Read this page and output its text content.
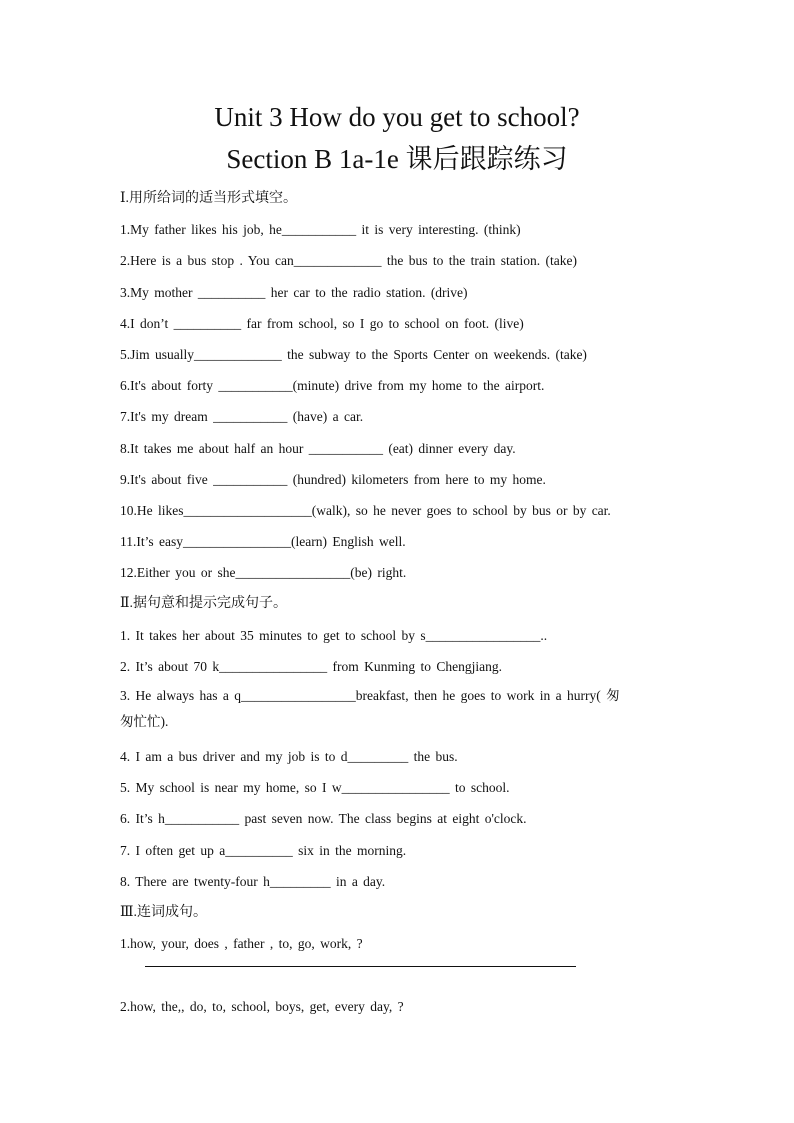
Unit 3 How do you get to school?
Section B 1a-1e 课后跟踪练习
Ⅰ.用所给词的适当形式填空。
1.My father likes his job, he___________ it is very interesting. (think)
2.Here is a bus stop . You can_____________ the bus to the train station. (take)
3.My mother __________ her car to the radio station. (drive)
4.I don’t __________ far from school, so I go to school on foot. (live)
5.Jim usually_____________ the subway to the Sports Center on weekends. (take)
6.It's about forty ___________(minute) drive from my home to the airport.
7.It's my dream ___________ (have) a car.
8.It takes me about half an hour ___________ (eat) dinner every day.
9.It's about five ___________ (hundred) kilometers from here to my home.
10.He likes___________________(walk), so he never goes to school by bus or by car.
11.It’s easy________________(learn) English well.
12.Either you or she_________________(be) right.
Ⅱ.据句意和提示完成句子。
1. It takes her about 35 minutes to get to school by s_________________..
2. It’s about 70 k________________ from Kunming to Chengjiang.
3. He always has a q_________________breakfast, then he goes to work in a hurry( 匆
匆忙忙).
4. I am a bus driver and my job is to d_________ the bus.
5. My school is near my home, so I w________________ to school.
6. It’s h___________ past seven now. The class begins at eight o'clock.
7. I often get up a__________ six in the morning.
8. There are twenty-four h_________ in a day.
Ⅲ.连词成句。
1.how, your, does , father , to, go, work, ?
2.how, the,, do, to, school, boys, get, every day, ?
